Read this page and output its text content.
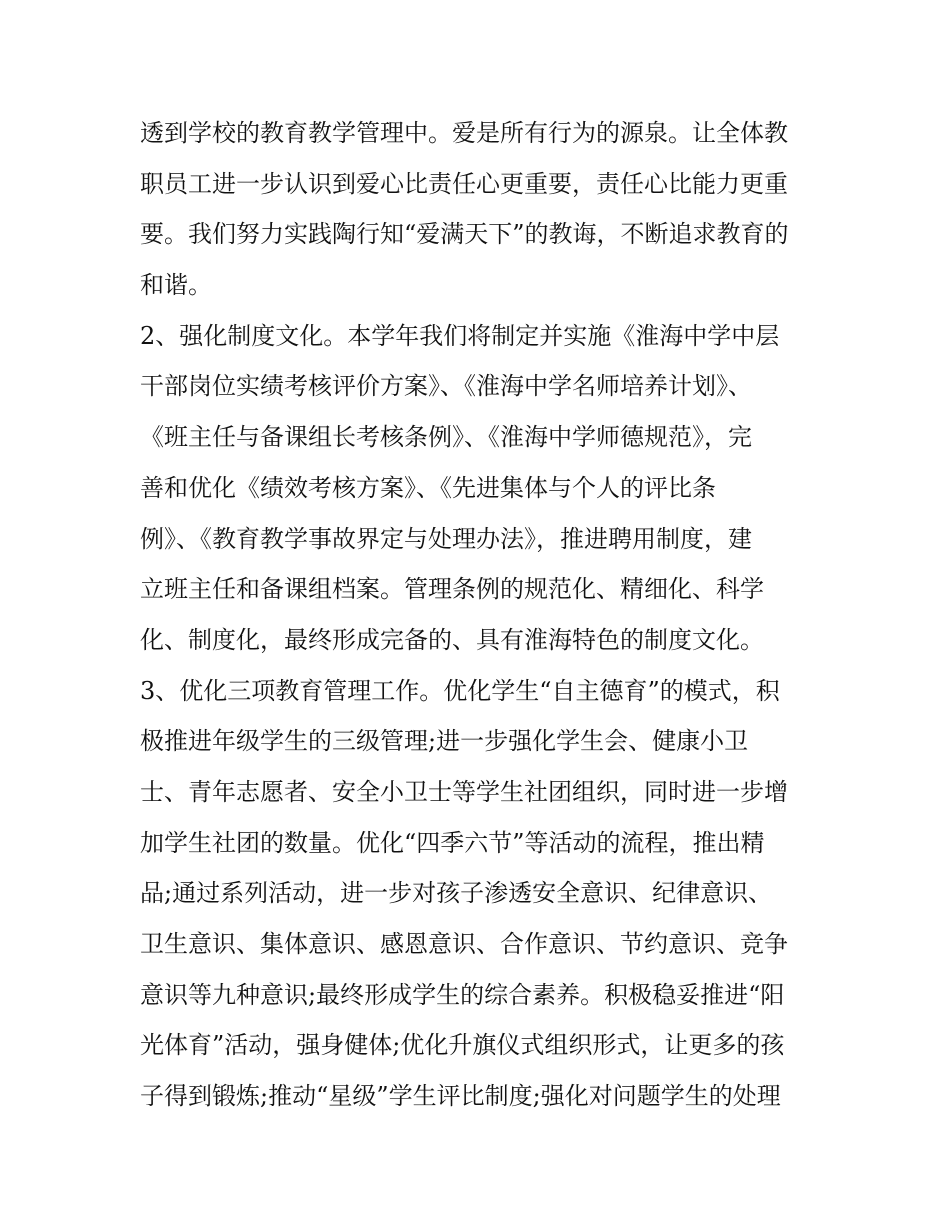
透到学校的教育教学管理中。爱是所有行为的源泉。让全体教
职员工进一步认识到爱心比责任心更重要，责任心比能力更重
要。我们努力实践陶行知“爱满天下”的教诲，不断追求教育的
和谐。
2、强化制度文化。本学年我们将制定并实施《淮海中学中层
干部岗位实绩考核评价方案》、《淮海中学名师培养计划》、
《班主任与备课组长考核条例》、《淮海中学师德规范》，完
善和优化《绩效考核方案》、《先进集体与个人的评比条
例》、《教育教学事故界定与处理办法》，推进聘用制度，建
立班主任和备课组档案。管理条例的规范化、精细化、科学
化、制度化，最终形成完备的、具有淮海特色的制度文化。
3、优化三项教育管理工作。优化学生“自主德育”的模式，积
极推进年级学生的三级管理;进一步强化学生会、健康小卫
士、青年志愿者、安全小卫士等学生社团组织，同时进一步增
加学生社团的数量。优化“四季六节”等活动的流程，推出精
品;通过系列活动，进一步对孩子渗透安全意识、纪律意识、
卫生意识、集体意识、感恩意识、合作意识、节约意识、竞争
意识等九种意识;最终形成学生的综合素养。积极稳妥推进“阳
光体育”活动，强身健体;优化升旗仪式组织形式，让更多的孩
子得到锻炼;推动“星级”学生评比制度;强化对问题学生的处理
